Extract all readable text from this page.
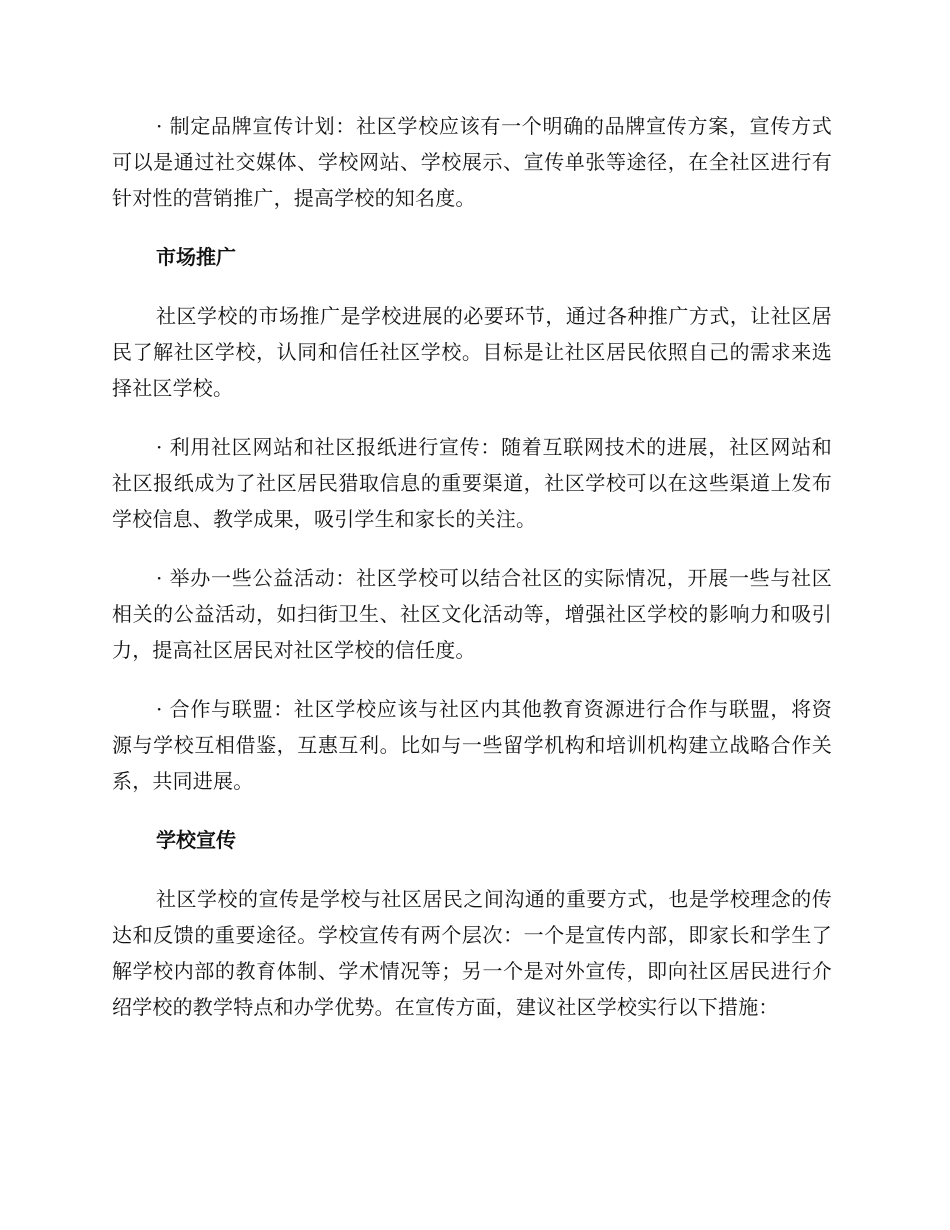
· 制定品牌宣传计划：社区学校应该有一个明确的品牌宣传方案，宣传方式可以是通过社交媒体、学校网站、学校展示、宣传单张等途径，在全社区进行有针对性的营销推广，提高学校的知名度。

市场推广

社区学校的市场推广是学校进展的必要环节，通过各种推广方式，让社区居民了解社区学校，认同和信任社区学校。目标是让社区居民依照自己的需求来选择社区学校。

· 利用社区网站和社区报纸进行宣传：随着互联网技术的进展，社区网站和社区报纸成为了社区居民猎取信息的重要渠道，社区学校可以在这些渠道上发布学校信息、教学成果，吸引学生和家长的关注。

· 举办一些公益活动：社区学校可以结合社区的实际情况，开展一些与社区相关的公益活动，如扫街卫生、社区文化活动等，增强社区学校的影响力和吸引力，提高社区居民对社区学校的信任度。

· 合作与联盟：社区学校应该与社区内其他教育资源进行合作与联盟，将资源与学校互相借鉴，互惠互利。比如与一些留学机构和培训机构建立战略合作关系，共同进展。

学校宣传

社区学校的宣传是学校与社区居民之间沟通的重要方式，也是学校理念的传达和反馈的重要途径。学校宣传有两个层次：一个是宣传内部，即家长和学生了解学校内部的教育体制、学术情况等；另一个是对外宣传，即向社区居民进行介绍学校的教学特点和办学优势。在宣传方面，建议社区学校实行以下措施：
